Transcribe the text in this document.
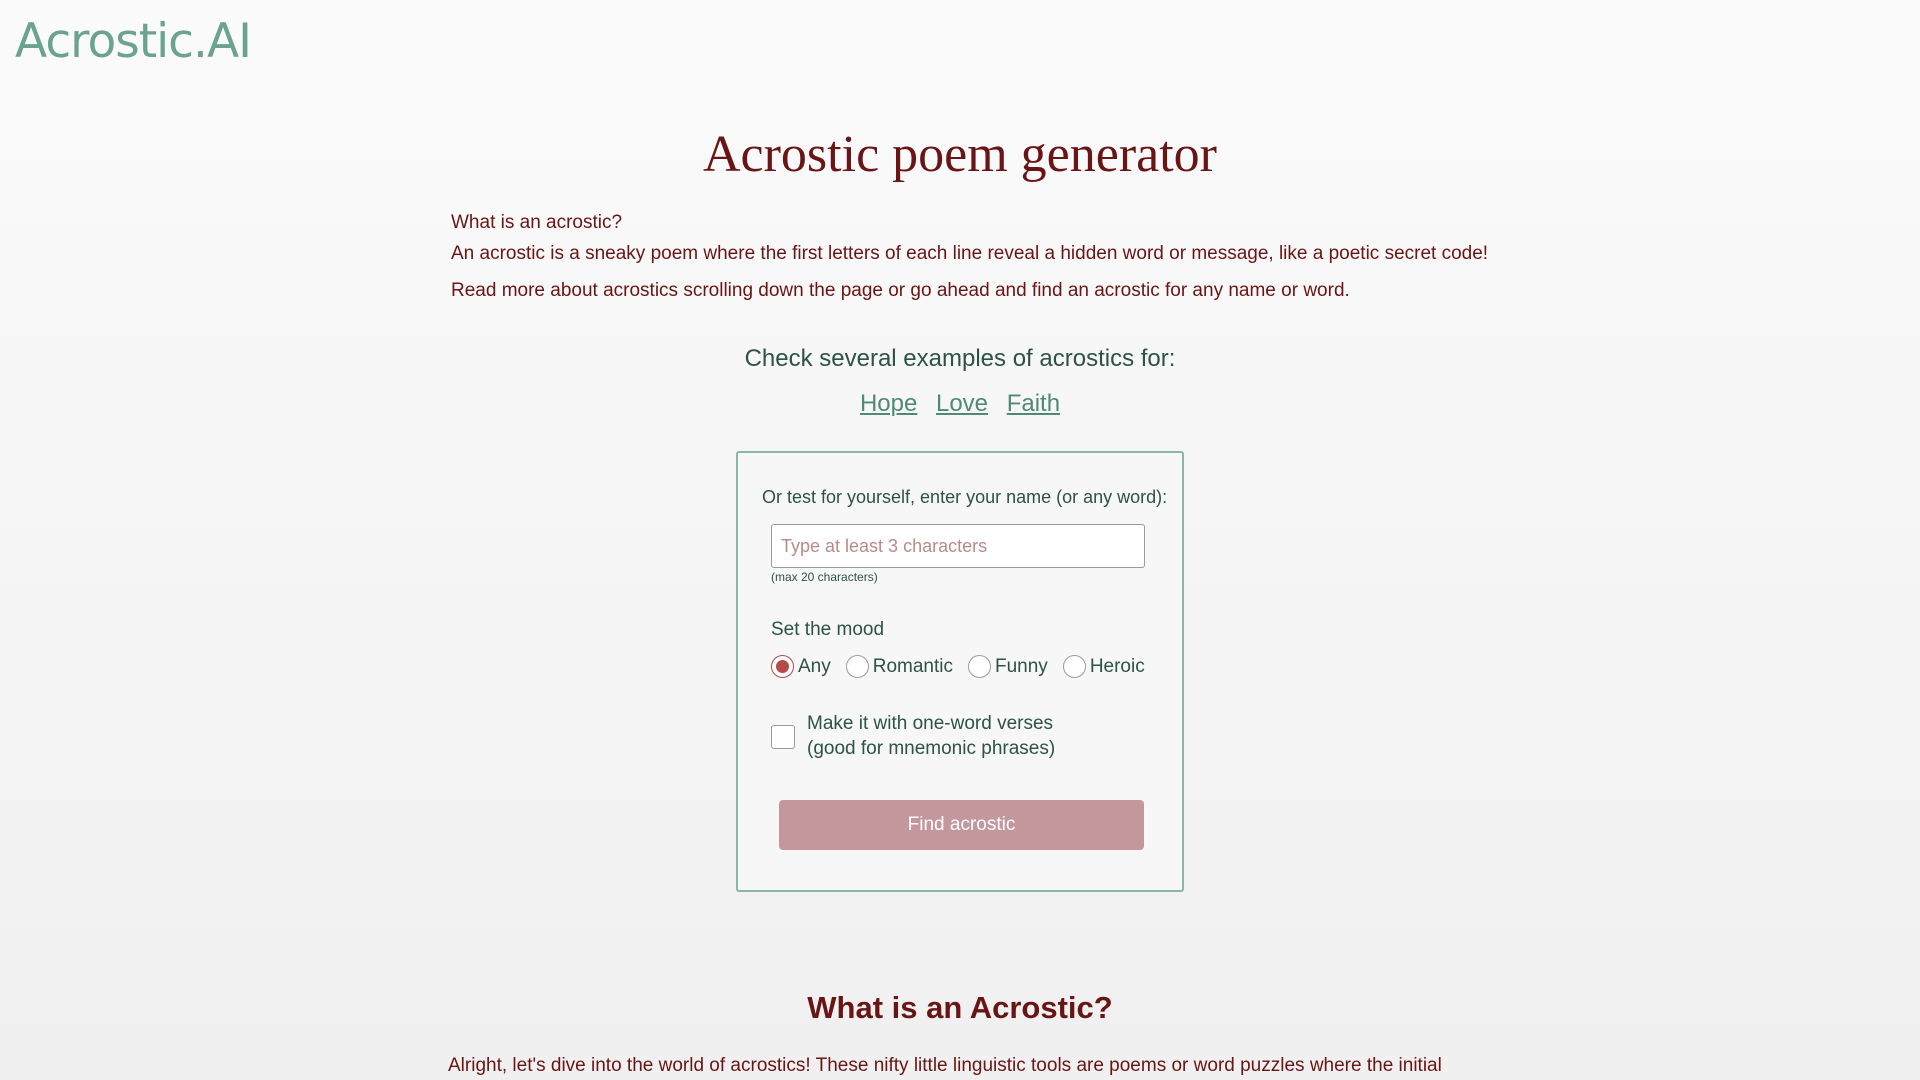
Acrostic.AI
Acrostic poem generator
What is an acrostic?
An acrostic is a sneaky poem where the first letters of each line reveal a hidden word or message, like a poetic secret code!
Read more about acrostics scrolling down the page or go ahead and find an acrostic for any name or word.
Check several examples of acrostics for:
Hope Love Faith
Or test for yourself, enter your name (or any word):
Type at least 3 characters
(max 20 characters)
Set the mood
Any Romantic Funny Heroic
Make it with one-word verses
(good for mnemonic phrases)
Find acrostic
What is an Acrostic?

Alright, let's dive into the world of acrostics! These nifty little linguistic tools are poems or word puzzles where the initial
